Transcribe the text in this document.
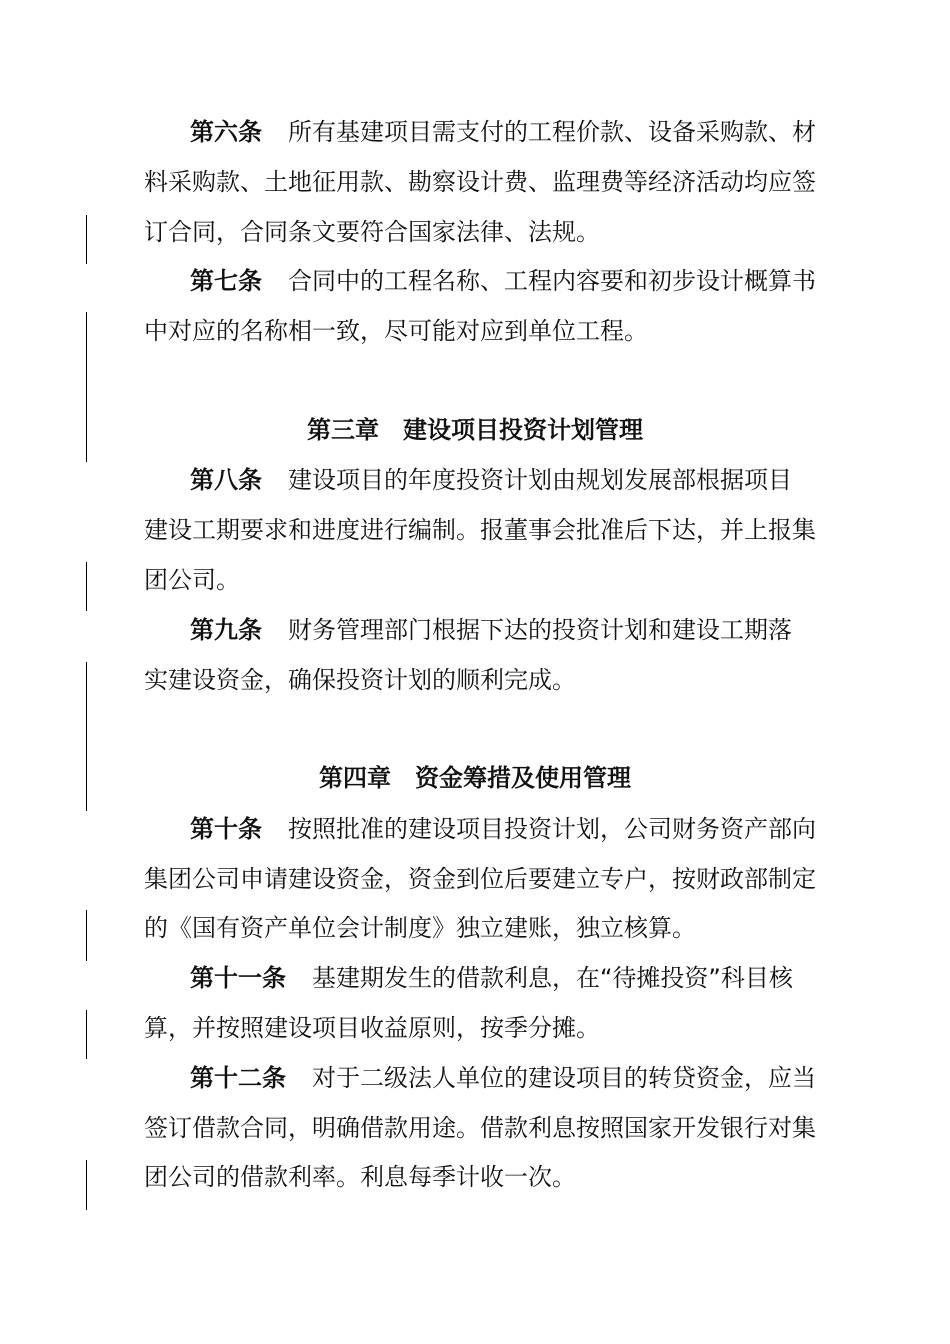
第六条 所有基建项目需支付的工程价款、设备采购款、材
料采购款、土地征用款、勘察设计费、监理费等经济活动均应签
订合同，合同条文要符合国家法律、法规。
第七条 合同中的工程名称、工程内容要和初步设计概算书
中对应的名称相一致，尽可能对应到单位工程。
第三章 建设项目投资计划管理
第八条 建设项目的年度投资计划由规划发展部根据项目
建设工期要求和进度进行编制。报董事会批准后下达，并上报集
团公司。
第九条 财务管理部门根据下达的投资计划和建设工期落
实建设资金，确保投资计划的顺利完成。
第四章 资金筹措及使用管理
第十条 按照批准的建设项目投资计划，公司财务资产部向
集团公司申请建设资金，资金到位后要建立专户，按财政部制定
的《国有资产单位会计制度》独立建账，独立核算。
第十一条 基建期发生的借款利息，在“待摊投资”科目核
算，并按照建设项目收益原则，按季分摊。
第十二条 对于二级法人单位的建设项目的转贷资金，应当
签订借款合同，明确借款用途。借款利息按照国家开发银行对集
团公司的借款利率。利息每季计收一次。
